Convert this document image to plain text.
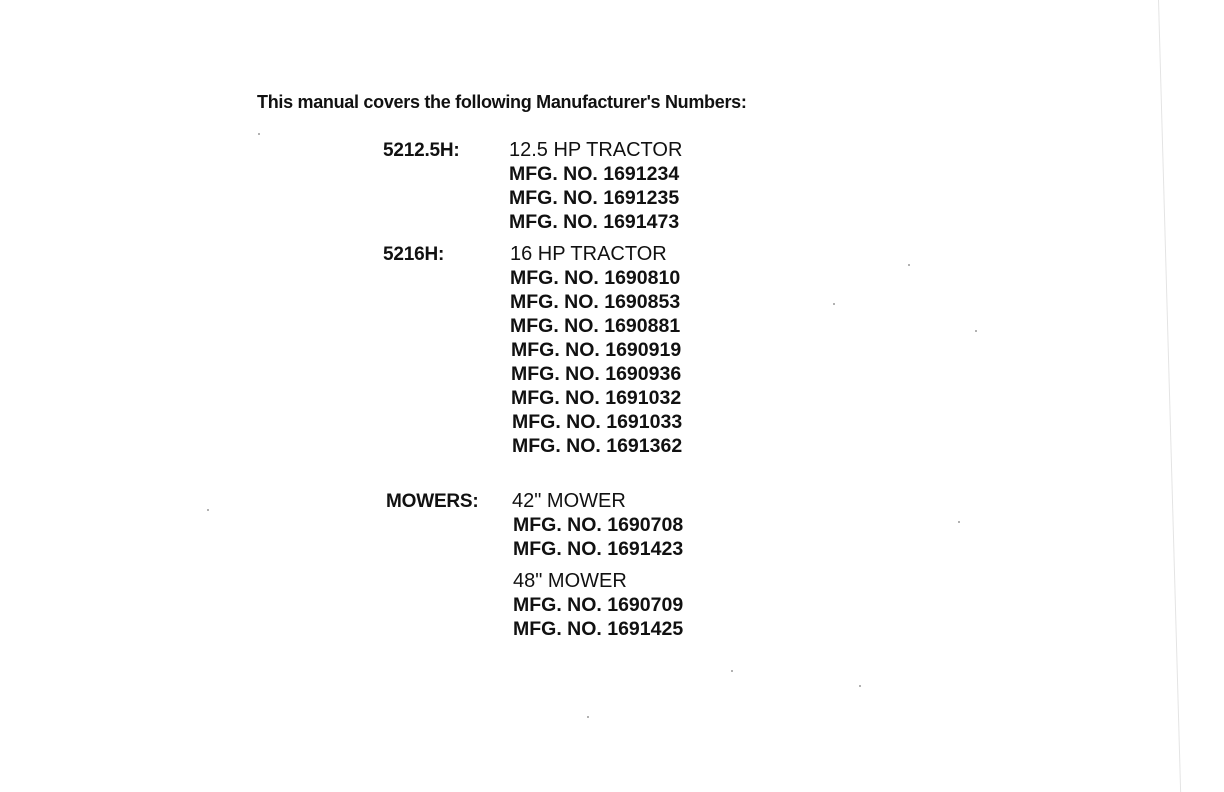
This manual covers the following Manufacturer's Numbers:
5212.5H: 12.5 HP TRACTOR
MFG. NO. 1691234
MFG. NO. 1691235
MFG. NO. 1691473
5216H:	16 HP TRACTOR
MFG. NO. 1690810
MFG. NO. 1690853
MFG. NO. 1690881
MFG. NO. 1690919
MFG. NO. 1690936
MFG. NO. 1691032
MFG. NO. 1691033
MFG. NO. 1691362
MOWERS: 42" MOWER
MFG. NO. 1690708
MFG. NO. 1691423
48" MOWER
MFG. NO. 1690709
MFG. NO. 1691425
